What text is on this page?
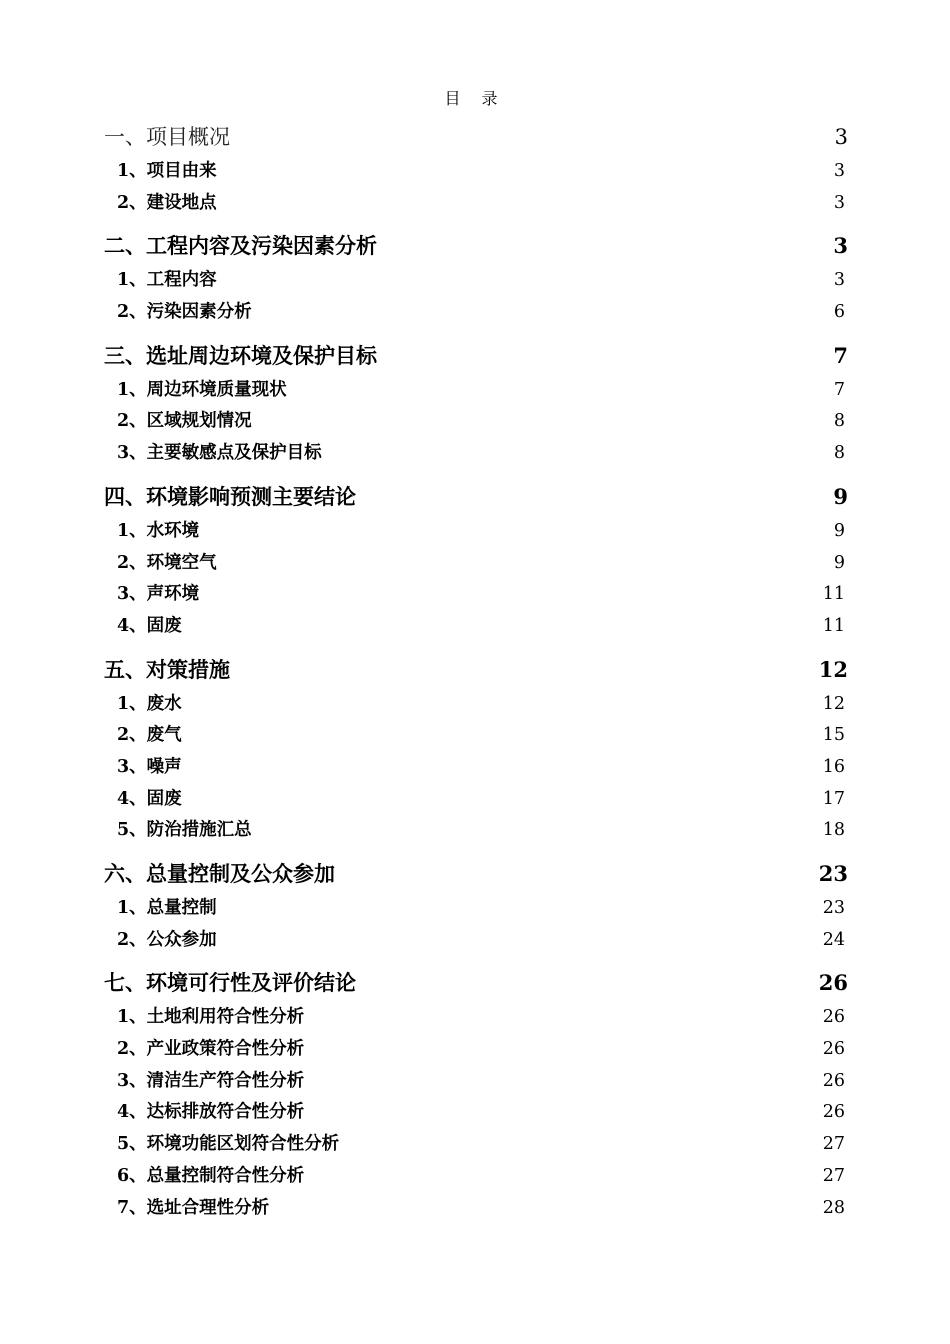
目 录
一、项目概况	3
1、项目由来	3
2、建设地点	3
二、工程内容及污染因素分析	3
1、工程内容	3
2、污染因素分析	6
三、选址周边环境及保护目标	7
1、周边环境质量现状	7
2、区域规划情况	8
3、主要敏感点及保护目标	8
四、环境影响预测主要结论	9
1、水环境	9
2、环境空气	9
3、声环境	11
4、固废	11
五、对策措施	12
1、废水	12
2、废气	15
3、噪声	16
4、固废	17
5、防治措施汇总	18
六、总量控制及公众参加	23
1、总量控制	23
2、公众参加	24
七、环境可行性及评价结论	26
1、土地利用符合性分析	26
2、产业政策符合性分析	26
3、清洁生产符合性分析	26
4、达标排放符合性分析	26
5、环境功能区划符合性分析	27
6、总量控制符合性分析	27
7、选址合理性分析	28
